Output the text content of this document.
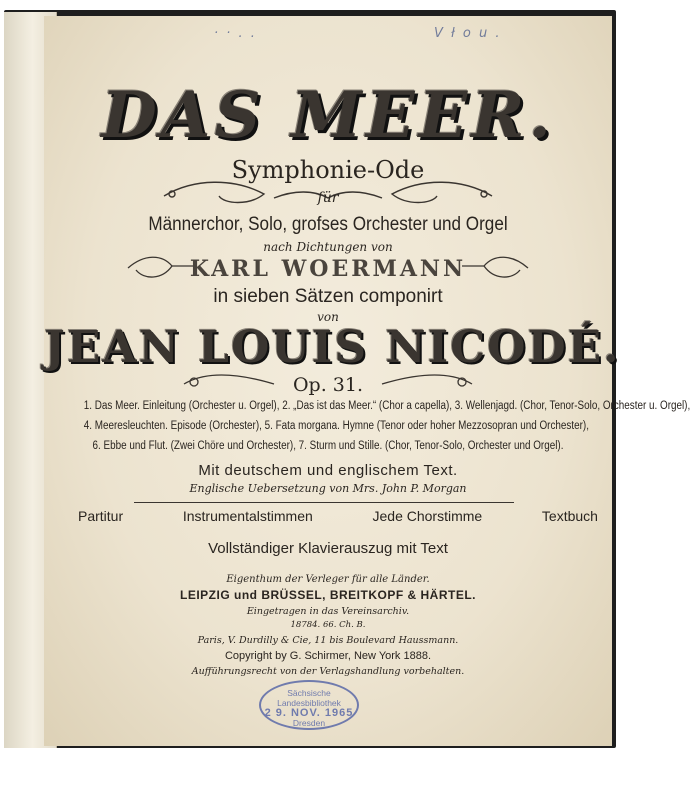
· · . .	V ł o u .
DAS MEER.
Symphonie-Ode
für
Männerchor, Solo, grofses Orchester und Orgel
nach Dichtungen von
KARL WOERMANN
in sieben Sätzen componirt
von
JEAN LOUIS NICODÉ.
Op. 31.
1. Das Meer. Einleitung (Orchester u. Orgel), 2. „Das ist das Meer.“ (Chor a capella), 3. Wellenjagd. (Chor, Tenor-Solo, Orchester u. Orgel),
4. Meeresleuchten. Episode (Orchester), 5. Fata morgana. Hymne (Tenor oder hoher Mezzosopran und Orchester),
6. Ebbe und Flut. (Zwei Chöre und Orchester), 7. Sturm und Stille. (Chor, Tenor-Solo, Orchester und Orgel).
Mit deutschem und englischem Text.
Englische Uebersetzung von Mrs. John P. Morgan
Partitur	Instrumentalstimmen	Jede Chorstimme	Textbuch
Vollständiger Klavierauszug mit Text
Eigenthum der Verleger für alle Länder.
LEIPZIG und BRÜSSEL, BREITKOPF & HÄRTEL.
Eingetragen in das Vereinsarchiv.
18784. 66. Ch. B.
Paris, V. Durdilly & Cie, 11 bis Boulevard Haussmann.
Copyright by G. Schirmer, New York 1888.
Aufführungsrecht von der Verlagshandlung vorbehalten.
Sächsische
Landesbibliothek
2 9. NOV. 1965
Dresden
